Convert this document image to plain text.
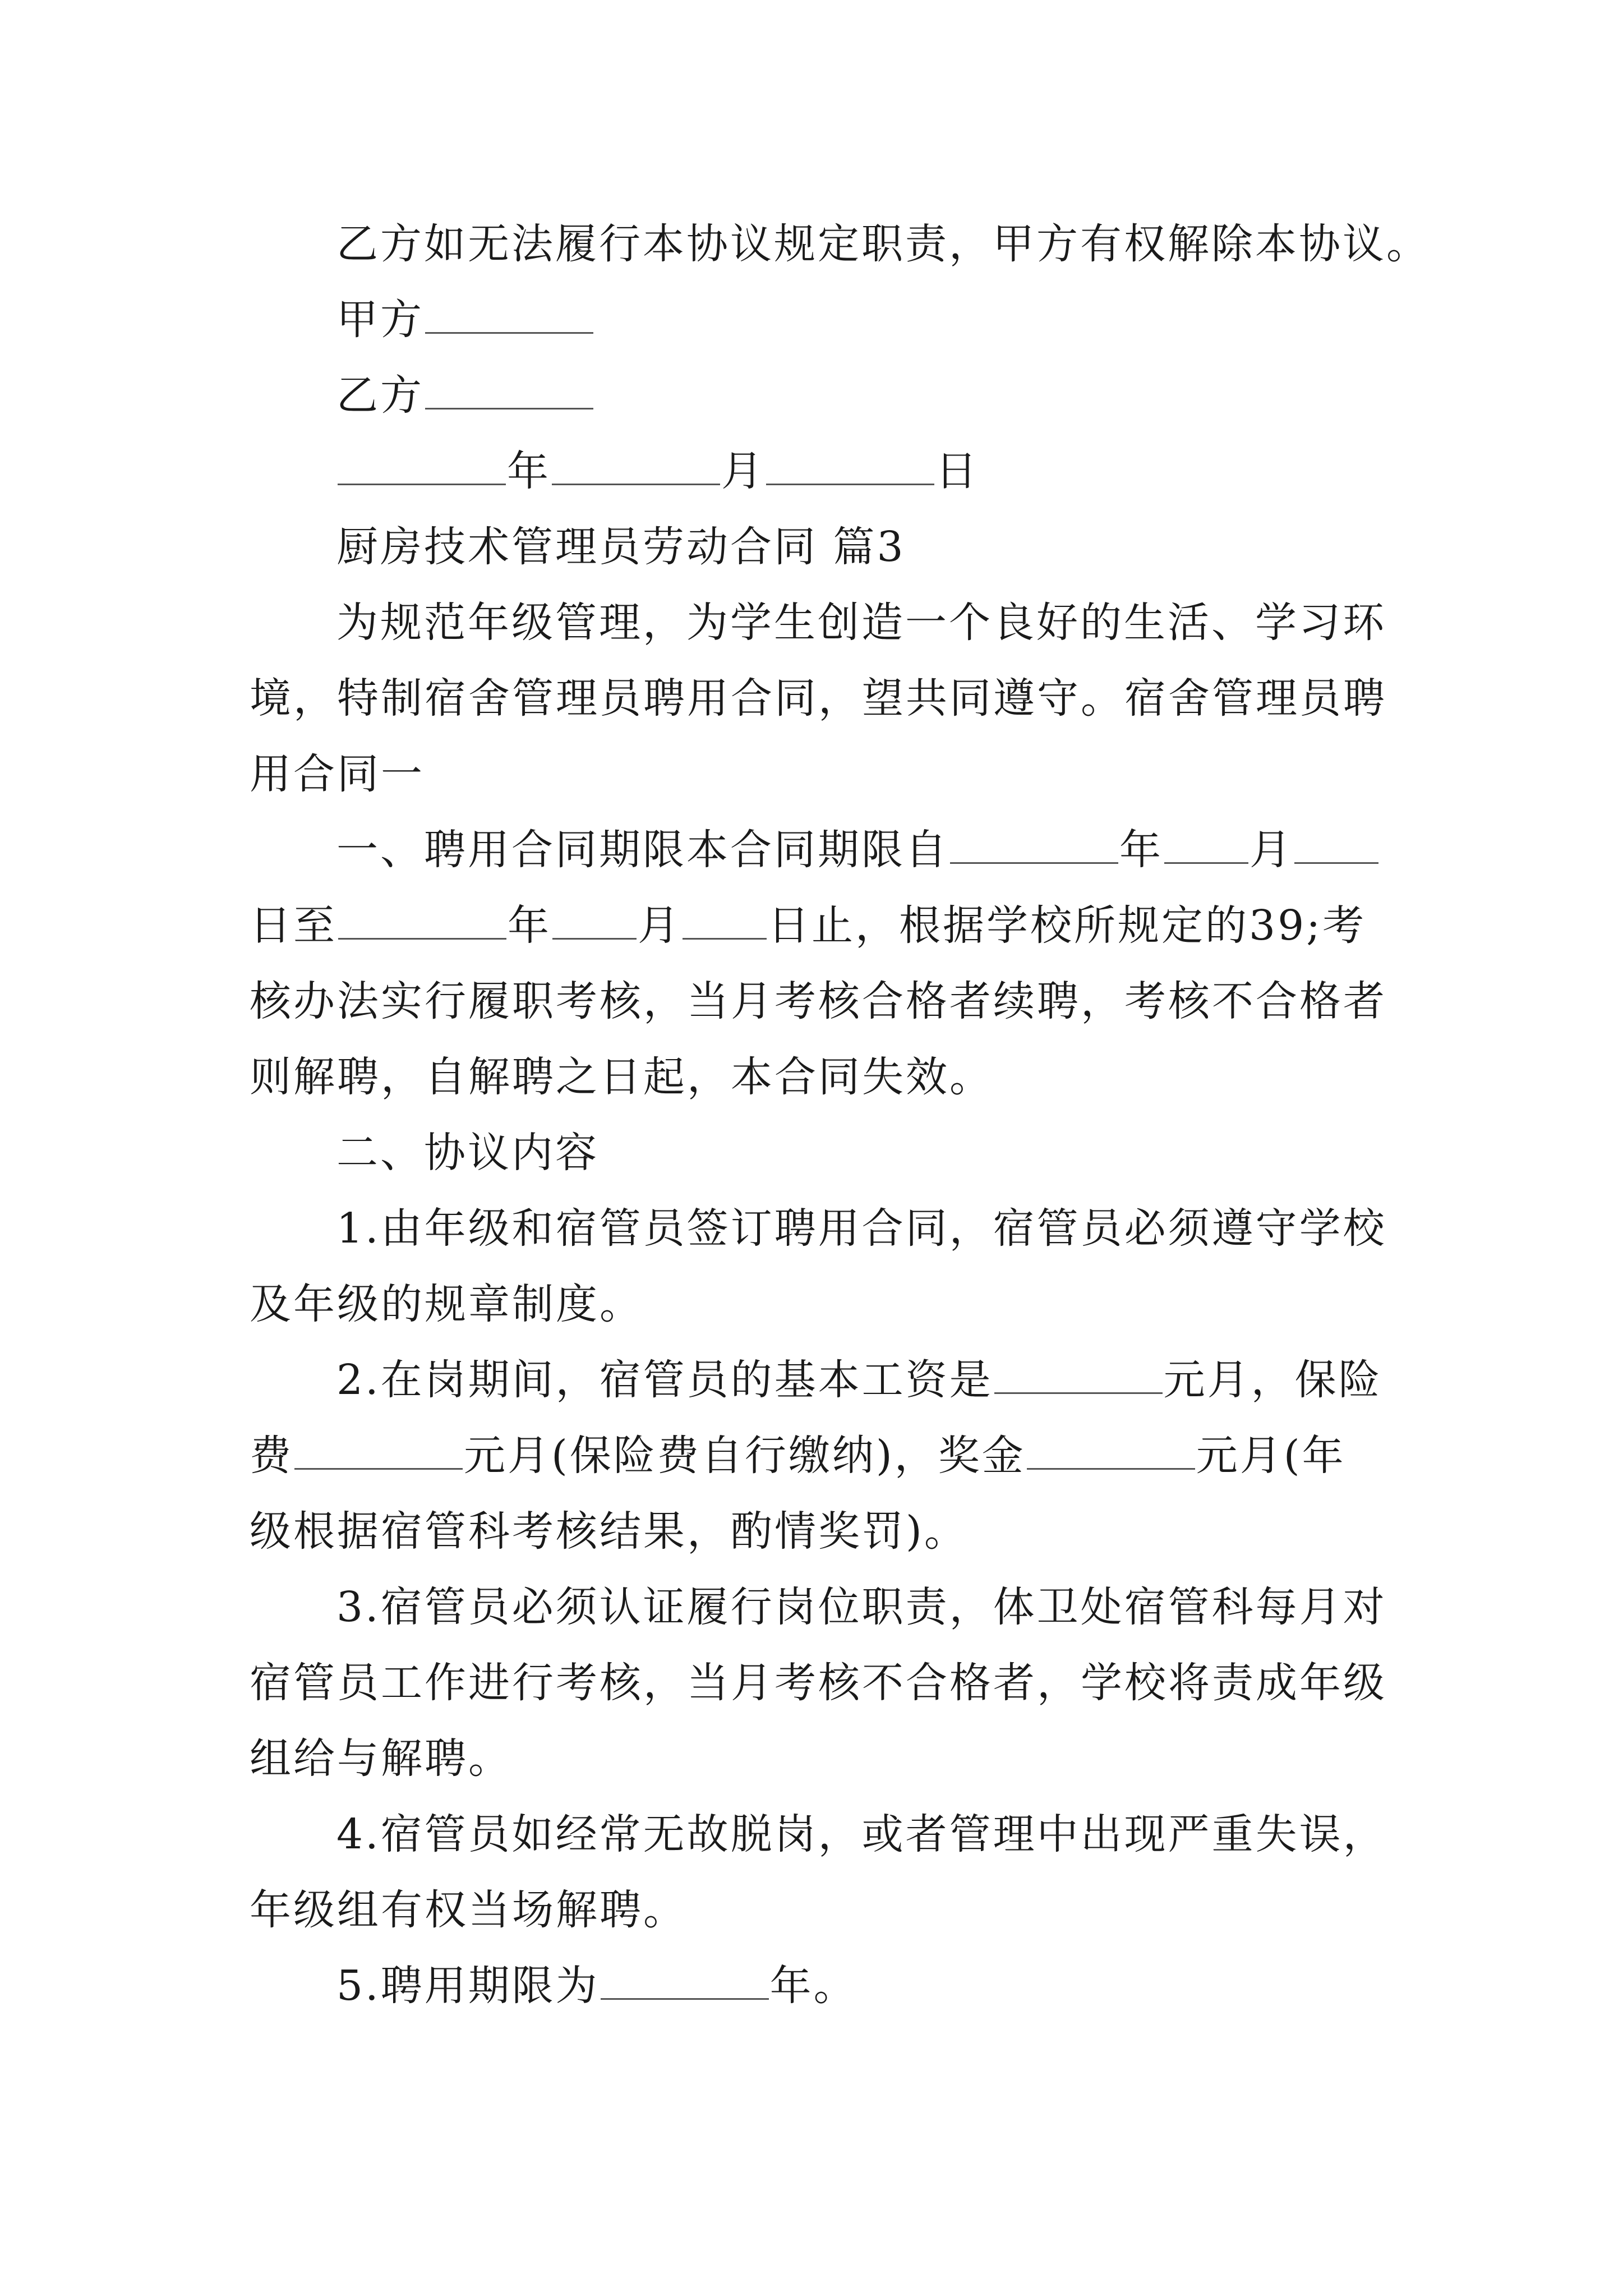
乙方如无法履行本协议规定职责，甲方有权解除本协议。
甲方
乙方
年	月	日
厨房技术管理员劳动合同 篇3
为规范年级管理，为学生创造一个良好的生活、学习环
境，特制宿舍管理员聘用合同，望共同遵守。宿舍管理员聘
用合同一
一、聘用合同期限本合同期限自	年 月
日至	年 月 日止，根据学校所规定的39;考
核办法实行履职考核，当月考核合格者续聘，考核不合格者
则解聘，自解聘之日起，本合同失效。
二、协议内容
1.由年级和宿管员签订聘用合同，宿管员必须遵守学校
及年级的规章制度。
2.在岗期间，宿管员的基本工资是	元月，保险
费	元月(保险费自行缴纳)，奖金	元月(年
级根据宿管科考核结果，酌情奖罚)。
3.宿管员必须认证履行岗位职责，体卫处宿管科每月对
宿管员工作进行考核，当月考核不合格者，学校将责成年级
组给与解聘。
4.宿管员如经常无故脱岗，或者管理中出现严重失误，
年级组有权当场解聘。
5.聘用期限为	年。
